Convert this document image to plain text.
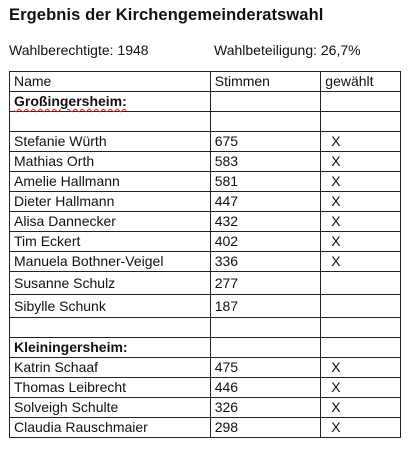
Ergebnis der Kirchengemeinderatswahl
Wahlberechtigte: 1948	Wahlbeteiligung: 26,7%
Name	Stimmen	gewählt
Großingersheim:		

Stefanie Würth	675	X
Mathias Orth	583	X
Amelie Hallmann	581	X
Dieter Hallmann	447	X
Alisa Dannecker	432	X
Tim Eckert	402	X
Manuela Bothner-Veigel	336	X
Susanne Schulz	277	
Sibylle Schunk	187	

Kleiningersheim:		
Katrin Schaaf	475	X
Thomas Leibrecht	446	X
Solveigh Schulte	326	X
Claudia Rauschmaier	298	X
